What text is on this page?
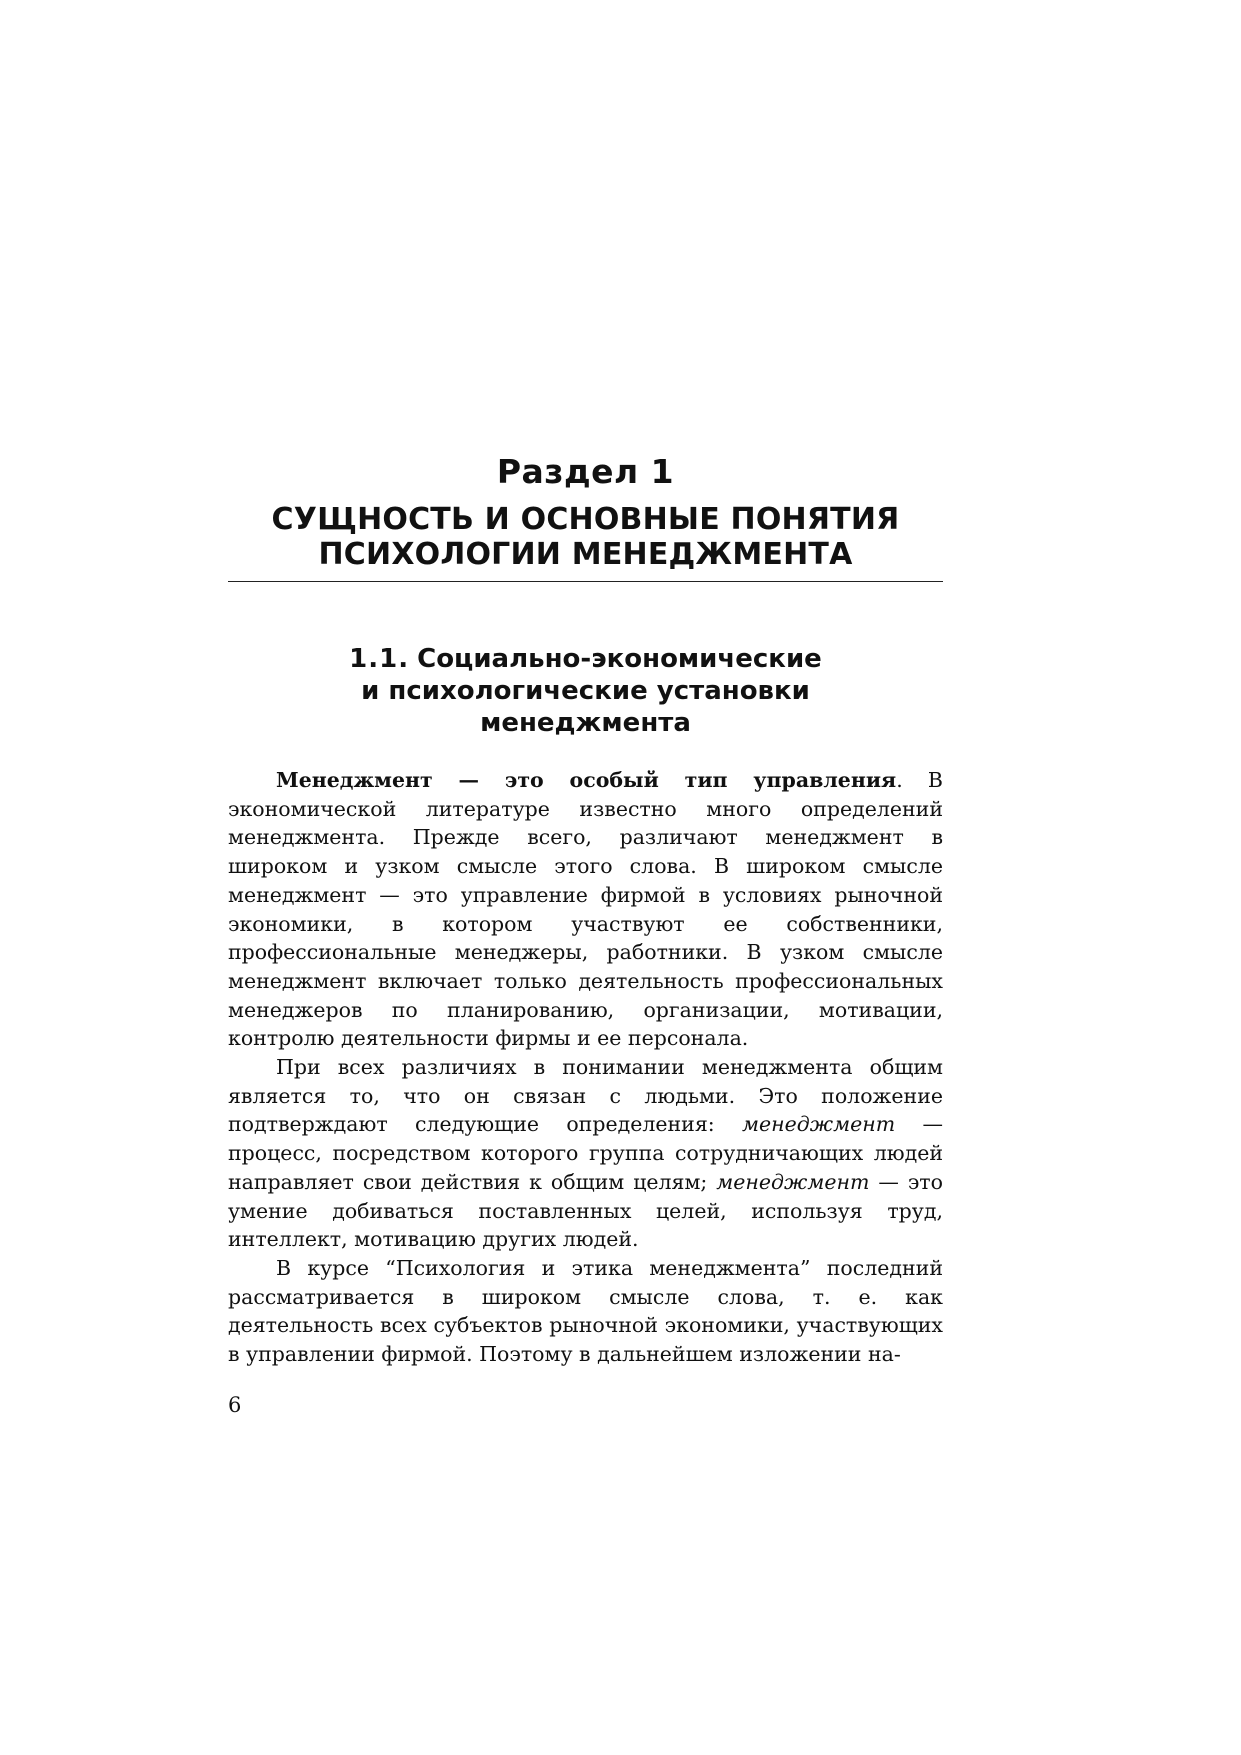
Раздел 1
СУЩНОСТЬ И ОСНОВНЫЕ ПОНЯТИЯ
ПСИХОЛОГИИ МЕНЕДЖМЕНТА
1.1. Социально-экономические
и психологические установки
менеджмента

Менеджмент — это особый тип управления. В экономической литературе известно много определений менеджмента. Прежде всего, различают менеджмент в широком и узком смысле этого слова. В широком смысле менеджмент — это управление фирмой в условиях рыночной экономики, в котором участвуют ее собственники, профессиональные менеджеры, работники. В узком смысле менеджмент включает только деятельность профессиональных менеджеров по планированию, организации, мотивации, контролю деятельности фирмы и ее персонала.

При всех различиях в понимании менеджмента общим является то, что он связан с людьми. Это положение подтверждают следующие определения: менеджмент — процесс, посредством которого группа сотрудничающих людей направляет свои действия к общим целям; менеджмент — это умение добиваться поставленных целей, используя труд, интеллект, мотивацию других людей.

В курсе “Психология и этика менеджмента” последний рассматривается в широком смысле слова, т. е. как деятельность всех субъектов рыночной экономики, участвующих в управлении фирмой. Поэтому в дальнейшем изложении на-

6
